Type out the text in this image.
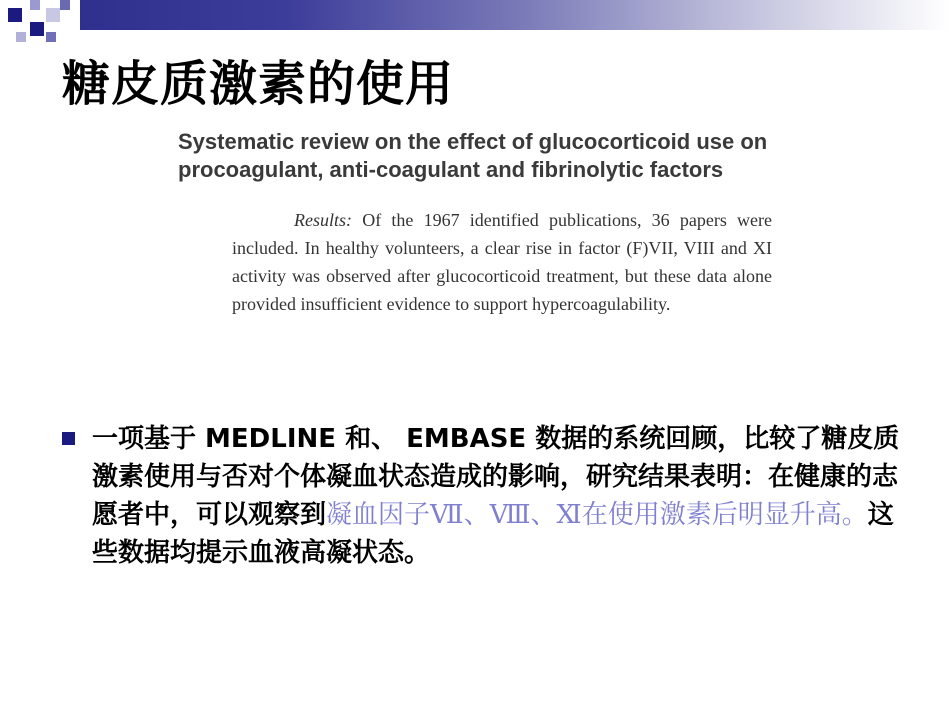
糖皮质激素的使用
Systematic review on the effect of glucocorticoid use on procoagulant, anti-coagulant and fibrinolytic factors
Results: Of the 1967 identified publications, 36 papers were included. In healthy volunteers, a clear rise in factor (F)VII, VIII and XI activity was observed after glucocorticoid treatment, but these data alone provided insufficient evidence to support hypercoagulability.
一项基于 MEDLINE 和、 EMBASE 数据的系统回顾，比较了糖皮质激素使用与否对个体凝血状态造成的影响，研究结果表明：在健康的志愿者中，可以观察到凝血因子Ⅶ、Ⅷ、Ⅺ在使用激素后明显升高。这些数据均提示血液高凝状态。
